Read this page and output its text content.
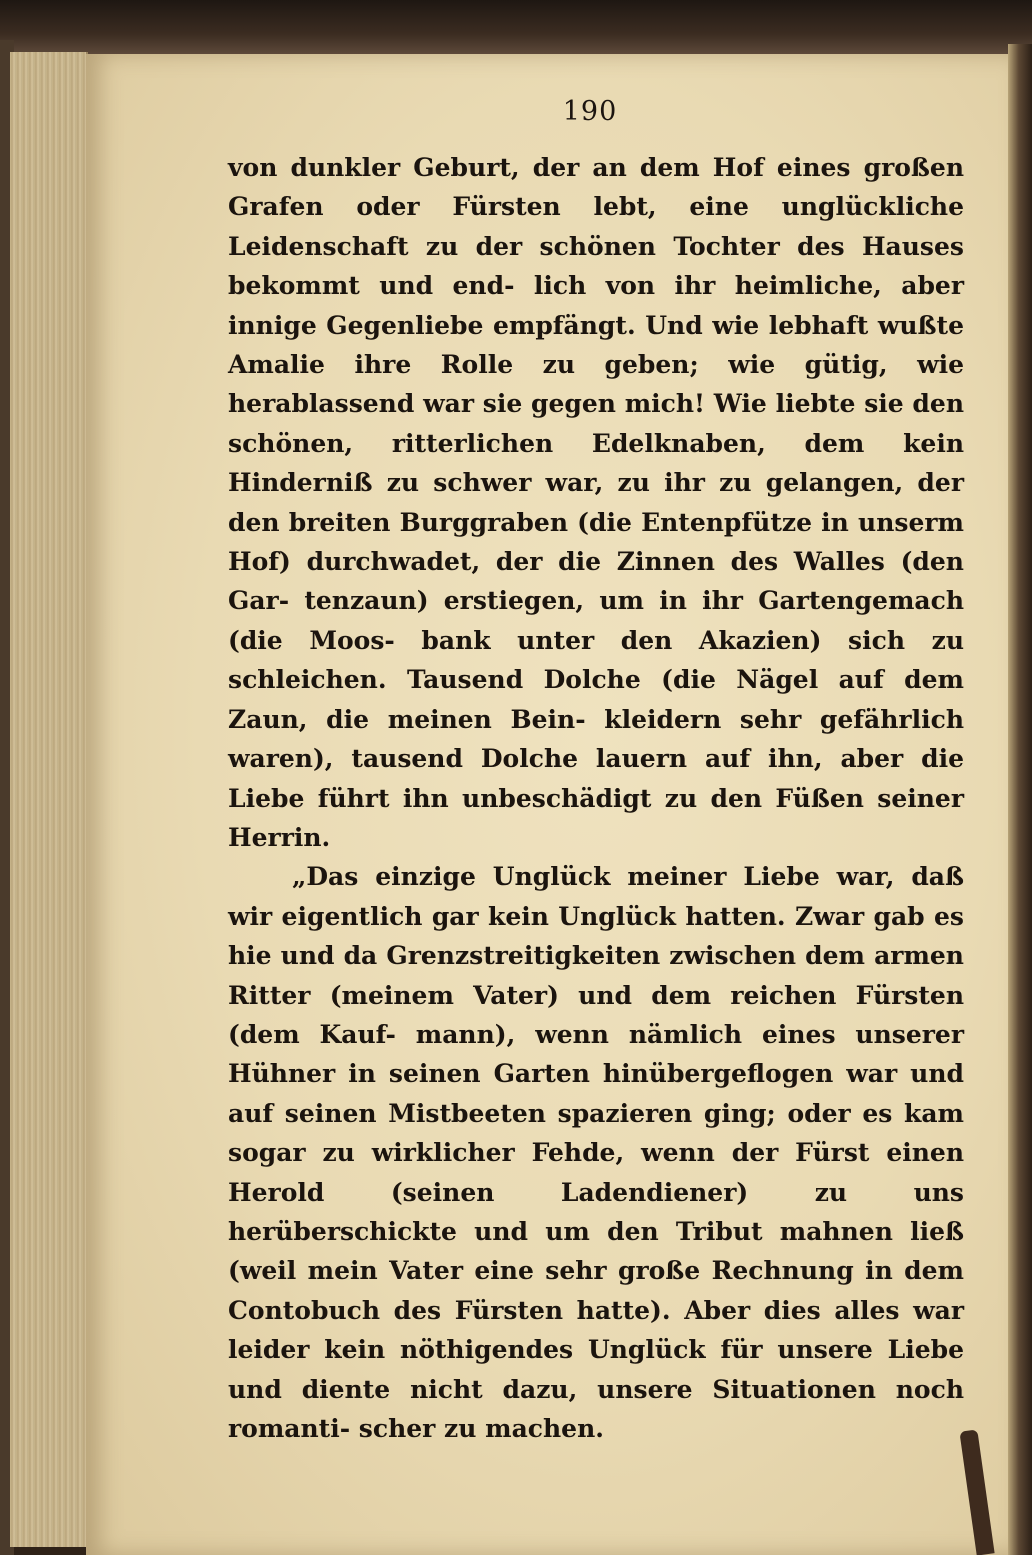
190

von dunkler Geburt, der an dem Hof eines großen Grafen oder Fürsten lebt, eine unglückliche Leidenschaft zu der schönen Tochter des Hauses bekommt und end- lich von ihr heimliche, aber innige Gegenliebe empfängt. Und wie lebhaft wußte Amalie ihre Rolle zu geben; wie gütig, wie herablassend war sie gegen mich! Wie liebte sie den schönen, ritterlichen Edelknaben, dem kein Hinderniß zu schwer war, zu ihr zu gelangen, der den breiten Burggraben (die Entenpfütze in unserm Hof) durchwadet, der die Zinnen des Walles (den Gar- tenzaun) erstiegen, um in ihr Gartengemach (die Moos- bank unter den Akazien) sich zu schleichen. Tausend Dolche (die Nägel auf dem Zaun, die meinen Bein- kleidern sehr gefährlich waren), tausend Dolche lauern auf ihn, aber die Liebe führt ihn unbeschädigt zu den Füßen seiner Herrin.

„Das einzige Unglück meiner Liebe war, daß wir eigentlich gar kein Unglück hatten. Zwar gab es hie und da Grenzstreitigkeiten zwischen dem armen Ritter (meinem Vater) und dem reichen Fürsten (dem Kauf- mann), wenn nämlich eines unserer Hühner in seinen Garten hinübergeflogen war und auf seinen Mistbeeten spazieren ging; oder es kam sogar zu wirklicher Fehde, wenn der Fürst einen Herold (seinen Ladendiener) zu uns herüberschickte und um den Tribut mahnen ließ (weil mein Vater eine sehr große Rechnung in dem Contobuch des Fürsten hatte). Aber dies alles war leider kein nöthigendes Unglück für unsere Liebe und diente nicht dazu, unsere Situationen noch romanti- scher zu machen.
